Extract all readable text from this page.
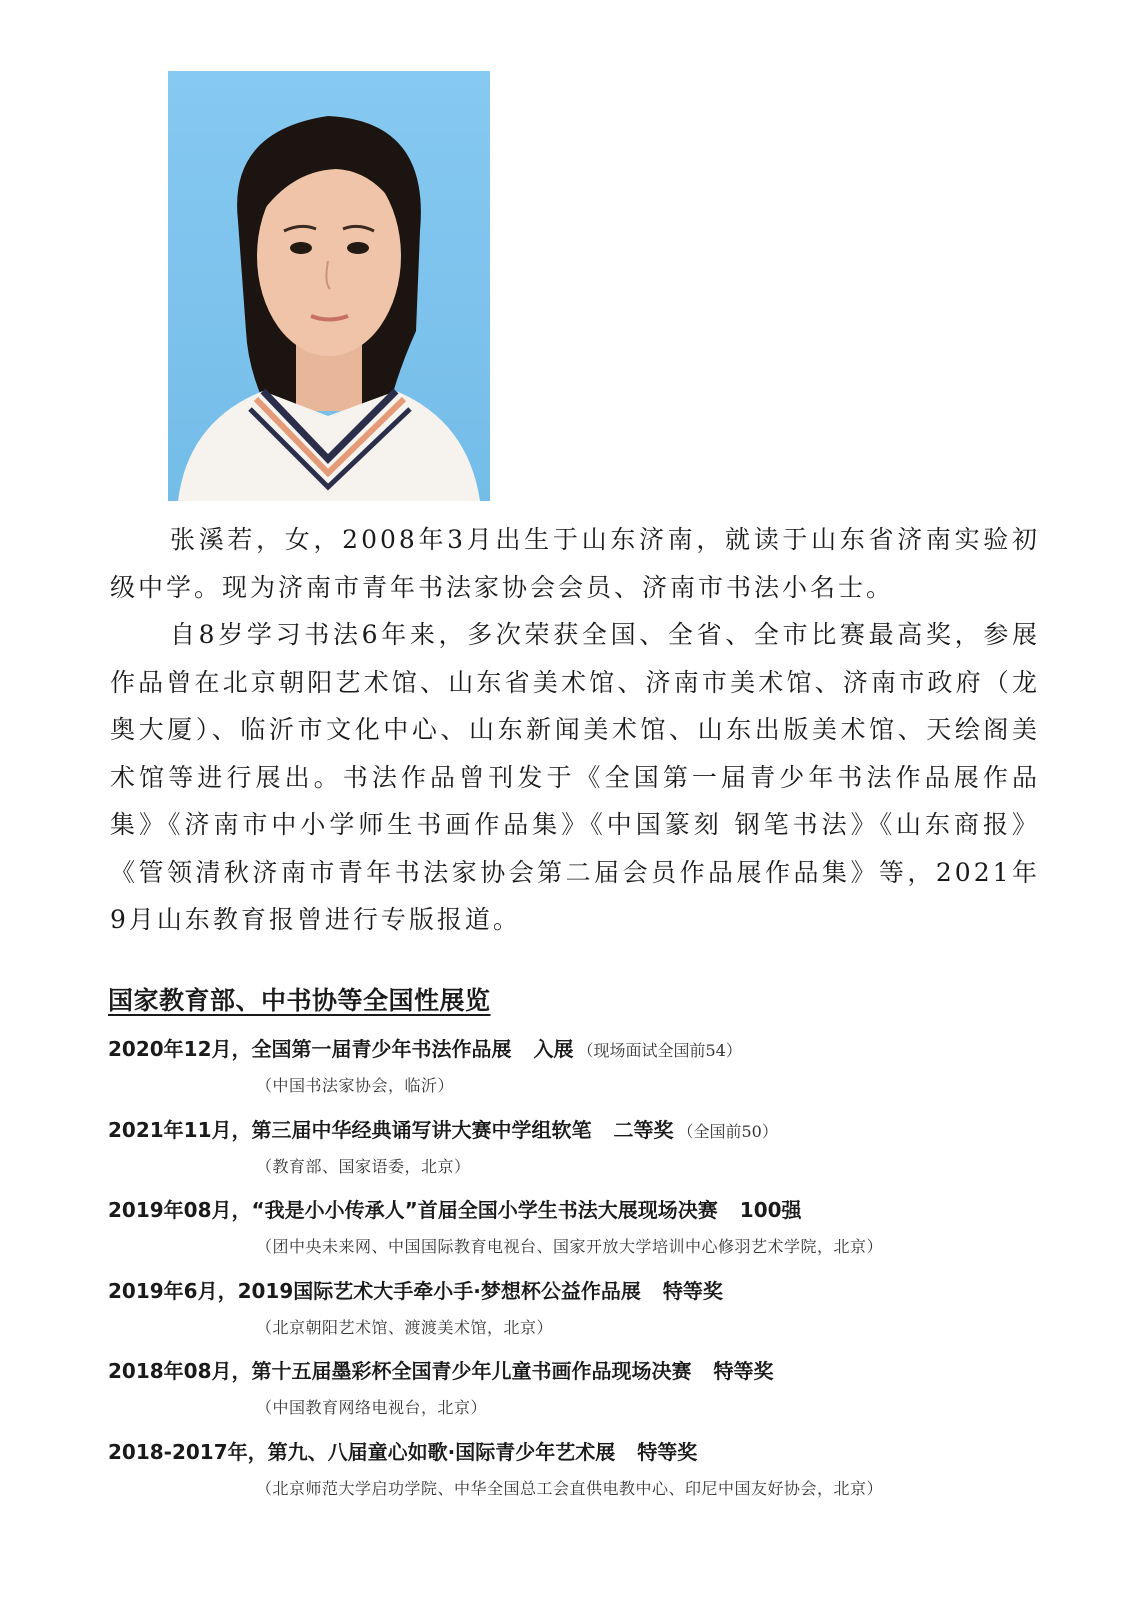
张溪若，女，2008年3月出生于山东济南，就读于山东省济南实验初级中学。现为济南市青年书法家协会会员、济南市书法小名士。

自8岁学习书法6年来，多次荣获全国、全省、全市比赛最高奖，参展作品曾在北京朝阳艺术馆、山东省美术馆、济南市美术馆、济南市政府（龙奥大厦）、临沂市文化中心、山东新闻美术馆、山东出版美术馆、天绘阁美术馆等进行展出。书法作品曾刊发于《全国第一届青少年书法作品展作品集》《济南市中小学师生书画作品集》《中国篆刻 钢笔书法》《山东商报》《管领清秋济南市青年书法家协会第二届会员作品展作品集》等，2021年9月山东教育报曾进行专版报道。

国家教育部、中书协等全国性展览
2020年12月，全国第一届青少年书法作品展 入展 （现场面试全国前54）
（中国书法家协会，临沂）
2021年11月，第三届中华经典诵写讲大赛中学组软笔 二等奖 （全国前50）
（教育部、国家语委，北京）
2019年08月，“我是小小传承人”首届全国小学生书法大展现场决赛 100强
（团中央未来网、中国国际教育电视台、国家开放大学培训中心修羽艺术学院，北京）
2019年6月，2019国际艺术大手牵小手·梦想杯公益作品展 特等奖
（北京朝阳艺术馆、渡渡美术馆，北京）
2018年08月，第十五届墨彩杯全国青少年儿童书画作品现场决赛 特等奖
（中国教育网络电视台，北京）
2018-2017年，第九、八届童心如歌·国际青少年艺术展 特等奖
（北京师范大学启功学院、中华全国总工会直供电教中心、印尼中国友好协会，北京）
